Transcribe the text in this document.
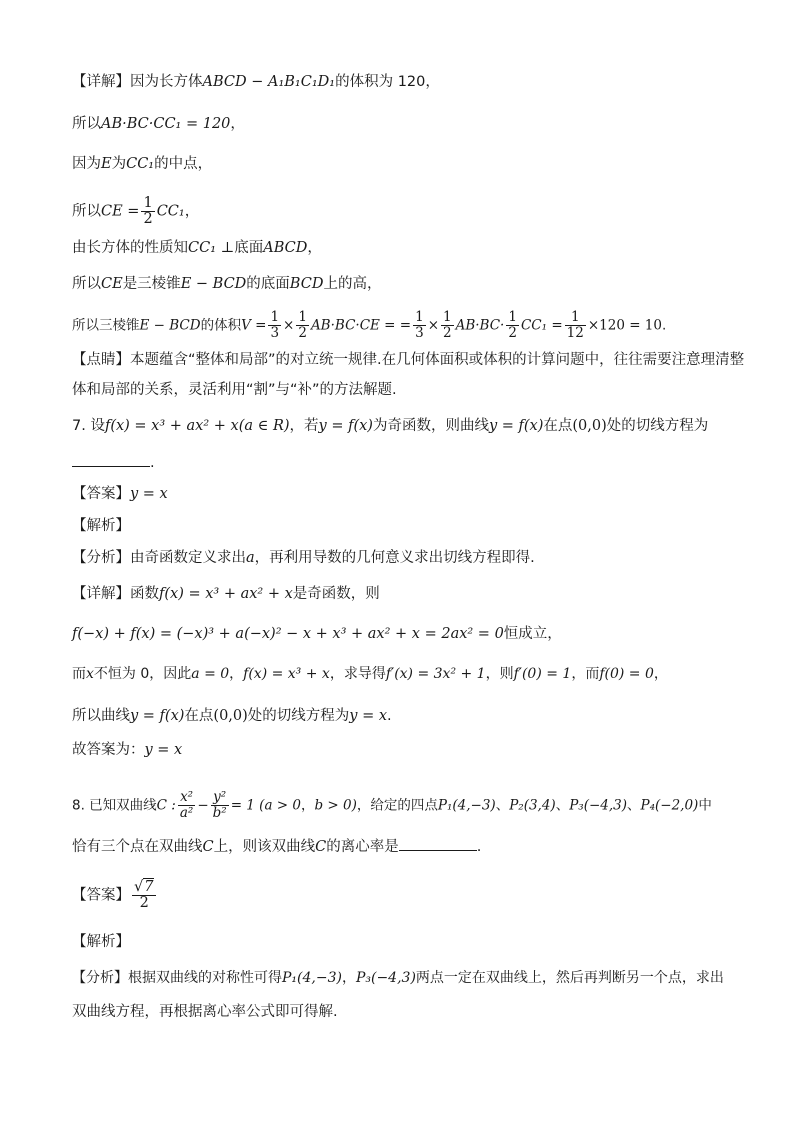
【详解】因为长方体ABCD − A₁B₁C₁D₁的体积为 120，
所以AB·BC·CC₁ = 120，
因为E为CC₁的中点，
所以CE = $\frac{1}{2} CC_1$，
由长方体的性质知CC₁ ⊥底面ABCD，
所以CE是三棱锥E − BCD的底面BCD上的高，
所以三棱锥E − BCD的体积$V = \frac{1}{3} \times \frac{1}{2} AB\cdot BC\cdot CE$ = = $\frac{1}{3} \times \frac{1}{2} AB\cdot BC\cdot \frac{1}{2} CC_1 = \frac{1}{12} \times 120 = 10$.
【点睛】本题蕴含“整体和局部”的对立统一规律.在几何体面积或体积的计算问题中，往往需要注意理清整
体和局部的关系，灵活利用“割”与“补”的方法解题.
7. 设f(x) = x³ + ax² + x(a ∈ R)，若y = f(x)为奇函数，则曲线y = f(x)在点(0,0)处的切线方程为
.
【答案】y = x
【解析】
【分析】由奇函数定义求出a，再利用导数的几何意义求出切线方程即得.
【详解】函数f(x) = x³ + ax² + x是奇函数，则
f(−x) + f(x) = (−x)³ + a(−x)² − x + x³ + ax² + x = 2ax² = 0恒成立，
而x不恒为 0，因此a = 0，f(x) = x³ + x，求导得f′(x) = 3x² + 1，则f′(0) = 1，而f(0) = 0，
所以曲线y = f(x)在点(0,0)处的切线方程为y = x.
故答案为：y = x
8. 已知双曲线C : $\frac{\text{x²}}{\text{a²}} - \frac{\text{y²}}{\text{b²}} = 1$ (a > 0，b > 0)，给定的四点P₁(4,−3)、P₂(3,4)、P₃(−4,3)、P₄(−2,0)中
恰有三个点在双曲线C上，则该双曲线C的离心率是	.
【答案】 $\frac{√7}{2}$
【解析】
【分析】根据双曲线的对称性可得P₁(4,−3)，P₃(−4,3)两点一定在双曲线上，然后再判断另一个点，求出
双曲线方程，再根据离心率公式即可得解.
